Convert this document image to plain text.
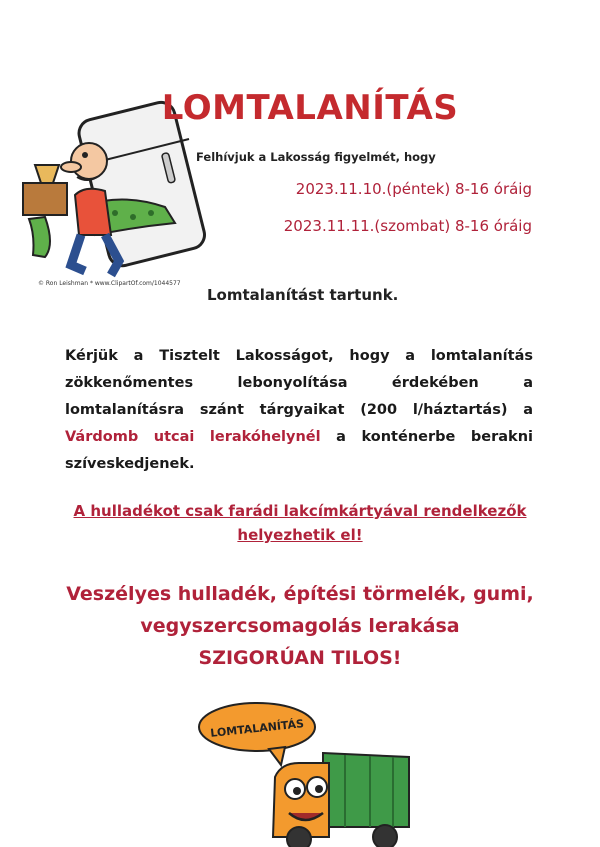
LOMTALANÍTÁS
Felhívjuk a Lakosság figyelmét, hogy
2023.11.10.(péntek) 8-16 óráig
2023.11.11.(szombat) 8-16 óráig
© Ron Leishman * www.ClipartOf.com/1044577
Lomtalanítást tartunk.
Kérjük a Tisztelt Lakosságot, hogy a lomtalanítás zökkenőmentes lebonyolítása érdekében a lomtalanításra szánt tárgyaikat (200 l/háztartás) a Várdomb utcai lerakóhelynél a konténerbe berakni szíveskedjenek.
A hulladékot csak farádi lakcímkártyával rendelkezők
helyezhetik el!
Veszélyes hulladék, építési törmelék, gumi,
vegyszercsomagolás lerakása
SZIGORÚAN TILOS!
LOMTALANÍTÁS
